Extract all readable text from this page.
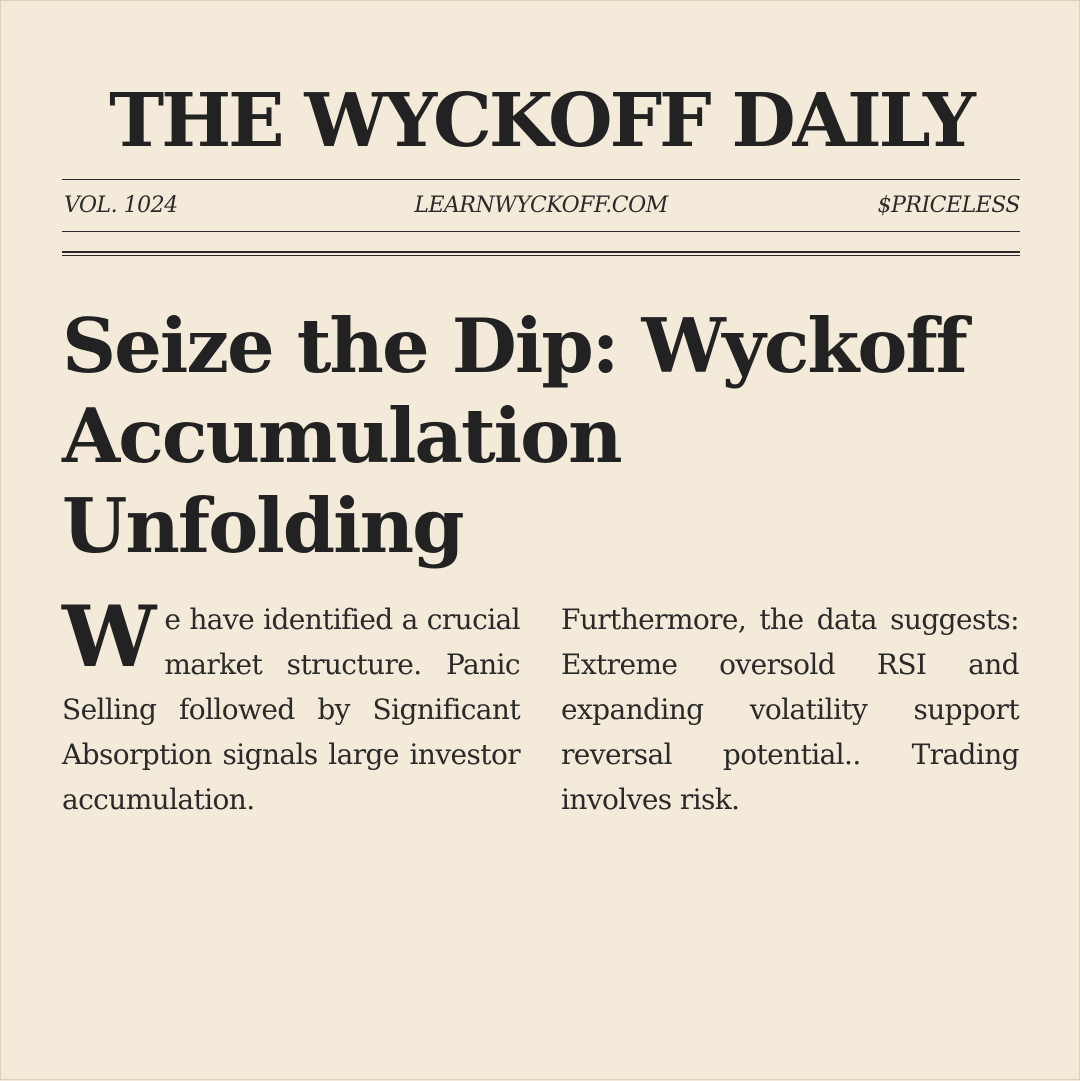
THE WYCKOFF DAILY
LEARNWYCKOFF.COM
VOL. 1024	$PRICELESS
Seize the Dip: Wyckoff Accumulation Unfolding

We have identified a crucial market structure. Panic Selling followed by Significant Absorption signals large investor accumulation.

Furthermore, the data suggests: Extreme oversold RSI and expanding volatility support reversal potential.. Trading involves risk.
